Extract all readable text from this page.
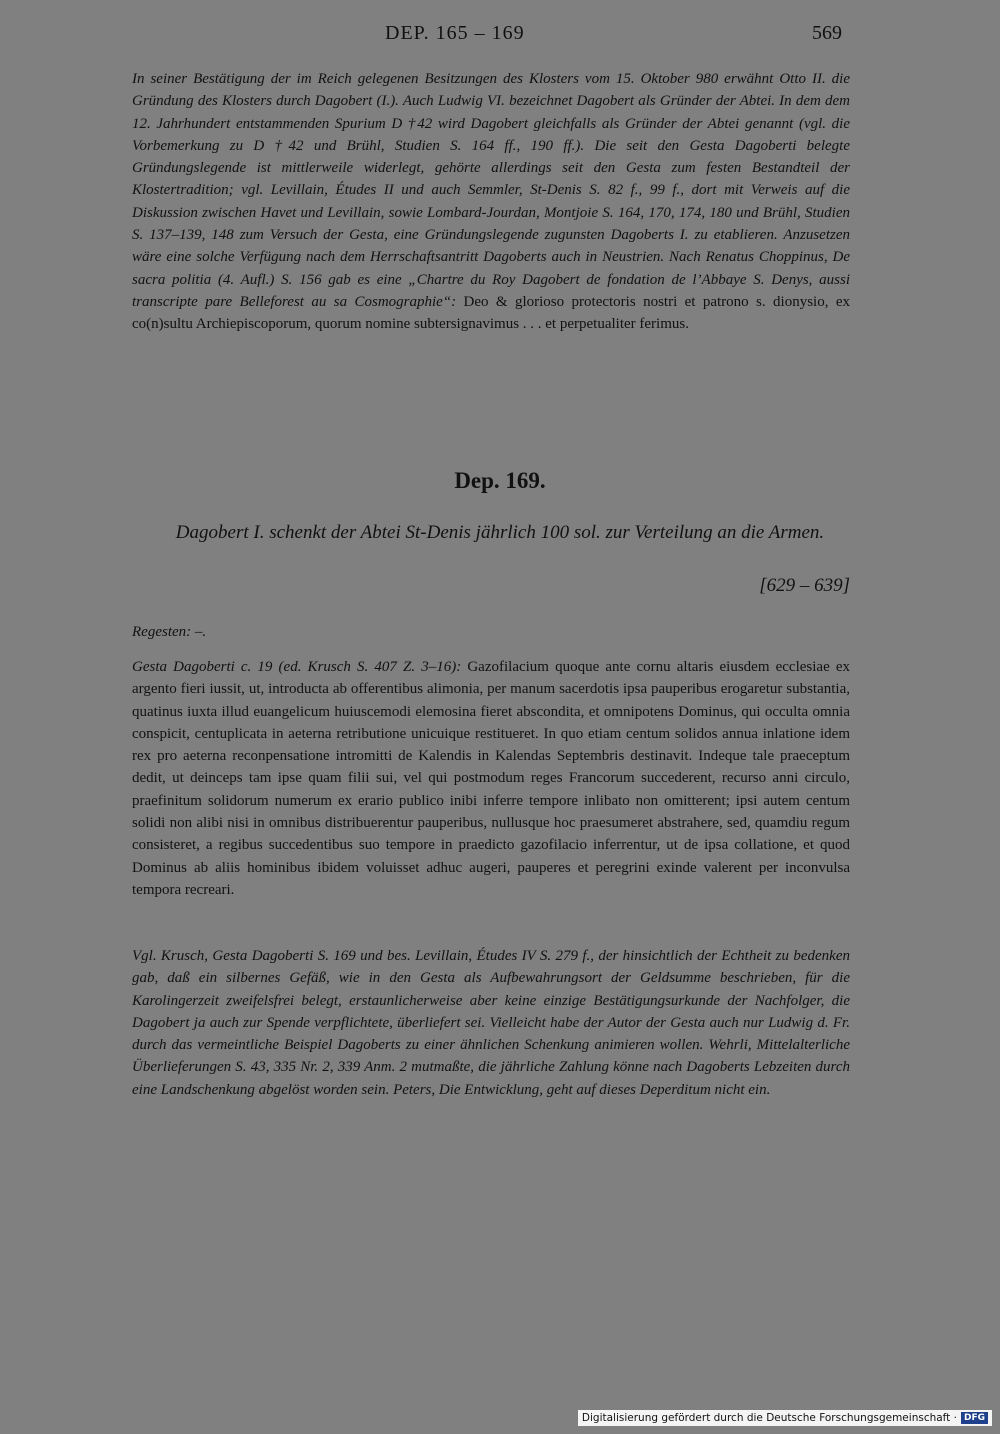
DEP. 165 – 169	569

In seiner Bestätigung der im Reich gelegenen Besitzungen des Klosters vom 15. Oktober 980 erwähnt Otto II. die Gründung des Klosters durch Dagobert (I.). Auch Ludwig VI. bezeichnet Dagobert als Gründer der Abtei. In dem dem 12. Jahrhundert entstammenden Spurium D †42 wird Dagobert gleichfalls als Gründer der Abtei genannt (vgl. die Vorbemerkung zu D †42 und Brühl, Studien S. 164 ff., 190 ff.). Die seit den Gesta Dagoberti belegte Gründungslegende ist mittlerweile widerlegt, gehörte allerdings seit den Gesta zum festen Bestandteil der Klostertradition; vgl. Levillain, Études II und auch Semmler, St-Denis S. 82 f., 99 f., dort mit Verweis auf die Diskussion zwischen Havet und Levillain, sowie Lombard-Jourdan, Montjoie S. 164, 170, 174, 180 und Brühl, Studien S. 137–139, 148 zum Versuch der Gesta, eine Gründungslegende zugunsten Dagoberts I. zu etablieren. Anzusetzen wäre eine solche Verfügung nach dem Herrschaftsantritt Dagoberts auch in Neustrien. Nach Renatus Choppinus, De sacra politia (4. Aufl.) S. 156 gab es eine „Chartre du Roy Dagobert de fondation de l’Abbaye S. Denys, aussi transcripte pare Belleforest au sa Cosmographie“: Deo & glorioso protectoris nostri et patrono s. dionysio, ex co(n)sultu Archiepiscoporum, quorum nomine subtersignavimus . . . et perpetualiter ferimus.

Dep. 169.
Dagobert I. schenkt der Abtei St-Denis jährlich 100 sol. zur Verteilung an die Armen.
[629 – 639]
Regesten: –.

Gesta Dagoberti c. 19 (ed. Krusch S. 407 Z. 3–16): Gazofilacium quoque ante cornu altaris eiusdem ecclesiae ex argento fieri iussit, ut, introducta ab offerentibus alimonia, per manum sacerdotis ipsa pauperibus erogaretur substantia, quatinus iuxta illud euangelicum huiuscemodi elemosina fieret abscondita, et omnipotens Dominus, qui occulta omnia conspicit, centuplicata in aeterna retributione unicuique restitueret. In quo etiam centum solidos annua inlatione idem rex pro aeterna reconpensatione intromitti de Kalendis in Kalendas Septembris destinavit. Indeque tale praeceptum dedit, ut deinceps tam ipse quam filii sui, vel qui postmodum reges Francorum succederent, recurso anni circulo, praefinitum solidorum numerum ex erario publico inibi inferre tempore inlibato non omitterent; ipsi autem centum solidi non alibi nisi in omnibus distribuerentur pauperibus, nullusque hoc praesumeret abstrahere, sed, quamdiu regum consisteret, a regibus succedentibus suo tempore in praedicto gazofilacio inferrentur, ut de ipsa collatione, et quod Dominus ab aliis hominibus ibidem voluisset adhuc augeri, pauperes et peregrini exinde valerent per inconvulsa tempora recreari.

Vgl. Krusch, Gesta Dagoberti S. 169 und bes. Levillain, Études IV S. 279 f., der hinsichtlich der Echtheit zu bedenken gab, daß ein silbernes Gefäß, wie in den Gesta als Aufbewahrungsort der Geldsumme beschrieben, für die Karolingerzeit zweifelsfrei belegt, erstaunlicherweise aber keine einzige Bestätigungsurkunde der Nachfolger, die Dagobert ja auch zur Spende verpflichtete, überliefert sei. Vielleicht habe der Autor der Gesta auch nur Ludwig d. Fr. durch das vermeintliche Beispiel Dagoberts zu einer ähnlichen Schenkung animieren wollen. Wehrli, Mittelalterliche Überlieferungen S. 43, 335 Nr. 2, 339 Anm. 2 mutmaßte, die jährliche Zahlung könne nach Dagoberts Lebzeiten durch eine Landschenkung abgelöst worden sein. Peters, Die Entwicklung, geht auf dieses Deperditum nicht ein.

Digitalisierung gefördert durch die Deutsche Forschungsgemeinschaft · DFG
